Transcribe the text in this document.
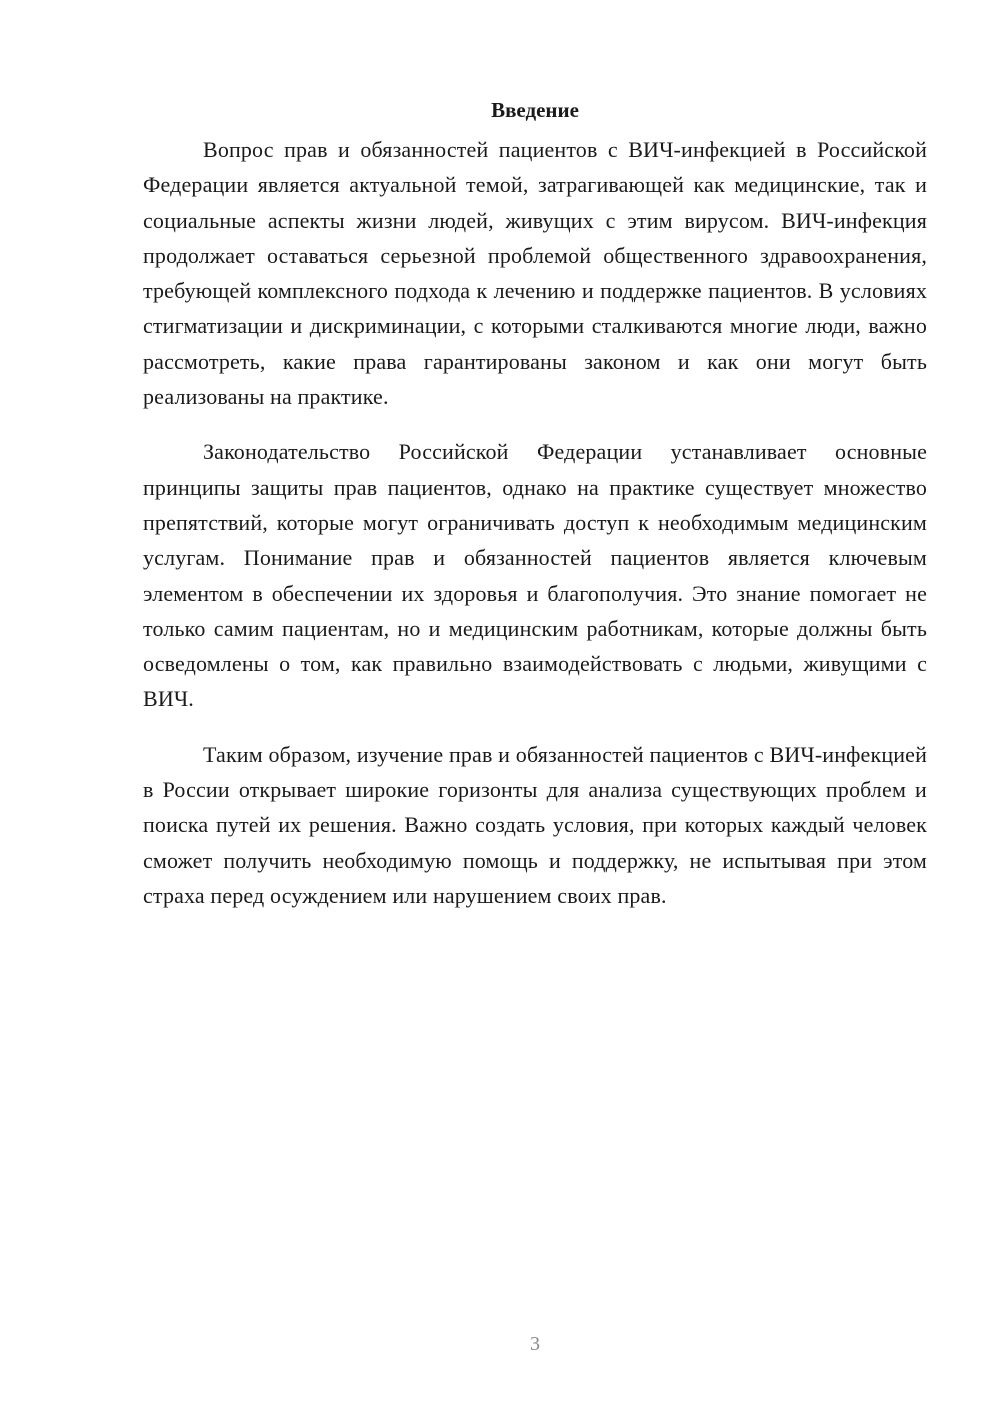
Введение

Вопрос прав и обязанностей пациентов с ВИЧ-инфекцией в Российской Федерации является актуальной темой, затрагивающей как медицинские, так и социальные аспекты жизни людей, живущих с этим вирусом. ВИЧ-инфекция продолжает оставаться серьезной проблемой общественного здравоохранения, требующей комплексного подхода к лечению и поддержке пациентов. В условиях стигматизации и дискриминации, с которыми сталкиваются многие люди, важно рассмотреть, какие права гарантированы законом и как они могут быть реализованы на практике.

Законодательство Российской Федерации устанавливает основные принципы защиты прав пациентов, однако на практике существует множество препятствий, которые могут ограничивать доступ к необходимым медицинским услугам. Понимание прав и обязанностей пациентов является ключевым элементом в обеспечении их здоровья и благополучия. Это знание помогает не только самим пациентам, но и медицинским работникам, которые должны быть осведомлены о том, как правильно взаимодействовать с людьми, живущими с ВИЧ.

Таким образом, изучение прав и обязанностей пациентов с ВИЧ-инфекцией в России открывает широкие горизонты для анализа существующих проблем и поиска путей их решения. Важно создать условия, при которых каждый человек сможет получить необходимую помощь и поддержку, не испытывая при этом страха перед осуждением или нарушением своих прав.

3
